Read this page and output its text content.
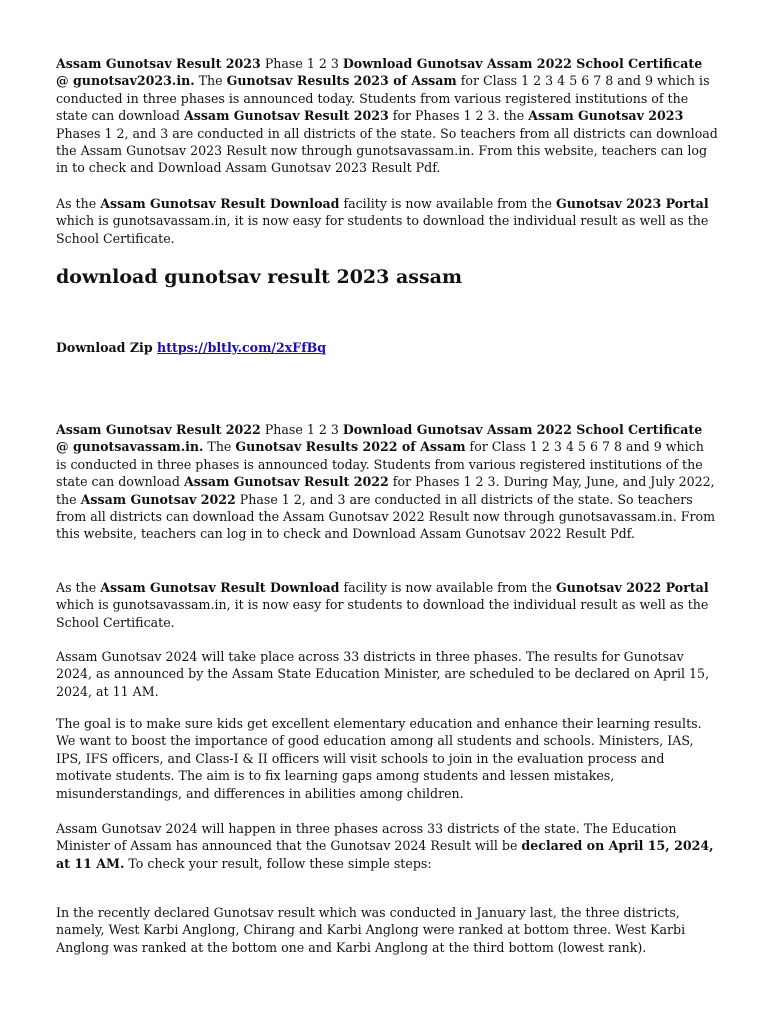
Assam Gunotsav Result 2023 Phase 1 2 3 Download Gunotsav Assam 2022 School Certificate @ gunotsav2023.in. The Gunotsav Results 2023 of Assam for Class 1 2 3 4 5 6 7 8 and 9 which is conducted in three phases is announced today. Students from various registered institutions of the state can download Assam Gunotsav Result 2023 for Phases 1 2 3. the Assam Gunotsav 2023 Phases 1 2, and 3 are conducted in all districts of the state. So teachers from all districts can download the Assam Gunotsav 2023 Result now through gunotsavassam.in. From this website, teachers can log in to check and Download Assam Gunotsav 2023 Result Pdf.

As the Assam Gunotsav Result Download facility is now available from the Gunotsav 2023 Portal which is gunotsavassam.in, it is now easy for students to download the individual result as well as the School Certificate.

download gunotsav result 2023 assam
Download Zip https://bltly.com/2xFfBq

Assam Gunotsav Result 2022 Phase 1 2 3 Download Gunotsav Assam 2022 School Certificate @ gunotsavassam.in. The Gunotsav Results 2022 of Assam for Class 1 2 3 4 5 6 7 8 and 9 which is conducted in three phases is announced today. Students from various registered institutions of the state can download Assam Gunotsav Result 2022 for Phases 1 2 3. During May, June, and July 2022, the Assam Gunotsav 2022 Phase 1 2, and 3 are conducted in all districts of the state. So teachers from all districts can download the Assam Gunotsav 2022 Result now through gunotsavassam.in. From this website, teachers can log in to check and Download Assam Gunotsav 2022 Result Pdf.

As the Assam Gunotsav Result Download facility is now available from the Gunotsav 2022 Portal which is gunotsavassam.in, it is now easy for students to download the individual result as well as the School Certificate.

Assam Gunotsav 2024 will take place across 33 districts in three phases. The results for Gunotsav 2024, as announced by the Assam State Education Minister, are scheduled to be declared on April 15, 2024, at 11 AM.

The goal is to make sure kids get excellent elementary education and enhance their learning results. We want to boost the importance of good education among all students and schools. Ministers, IAS, IPS, IFS officers, and Class-I & II officers will visit schools to join in the evaluation process and motivate students. The aim is to fix learning gaps among students and lessen mistakes, misunderstandings, and differences in abilities among children.

Assam Gunotsav 2024 will happen in three phases across 33 districts of the state. The Education Minister of Assam has announced that the Gunotsav 2024 Result will be declared on April 15, 2024, at 11 AM. To check your result, follow these simple steps:

In the recently declared Gunotsav result which was conducted in January last, the three districts, namely, West Karbi Anglong, Chirang and Karbi Anglong were ranked at bottom three. West Karbi Anglong was ranked at the bottom one and Karbi Anglong at the third bottom (lowest rank).
